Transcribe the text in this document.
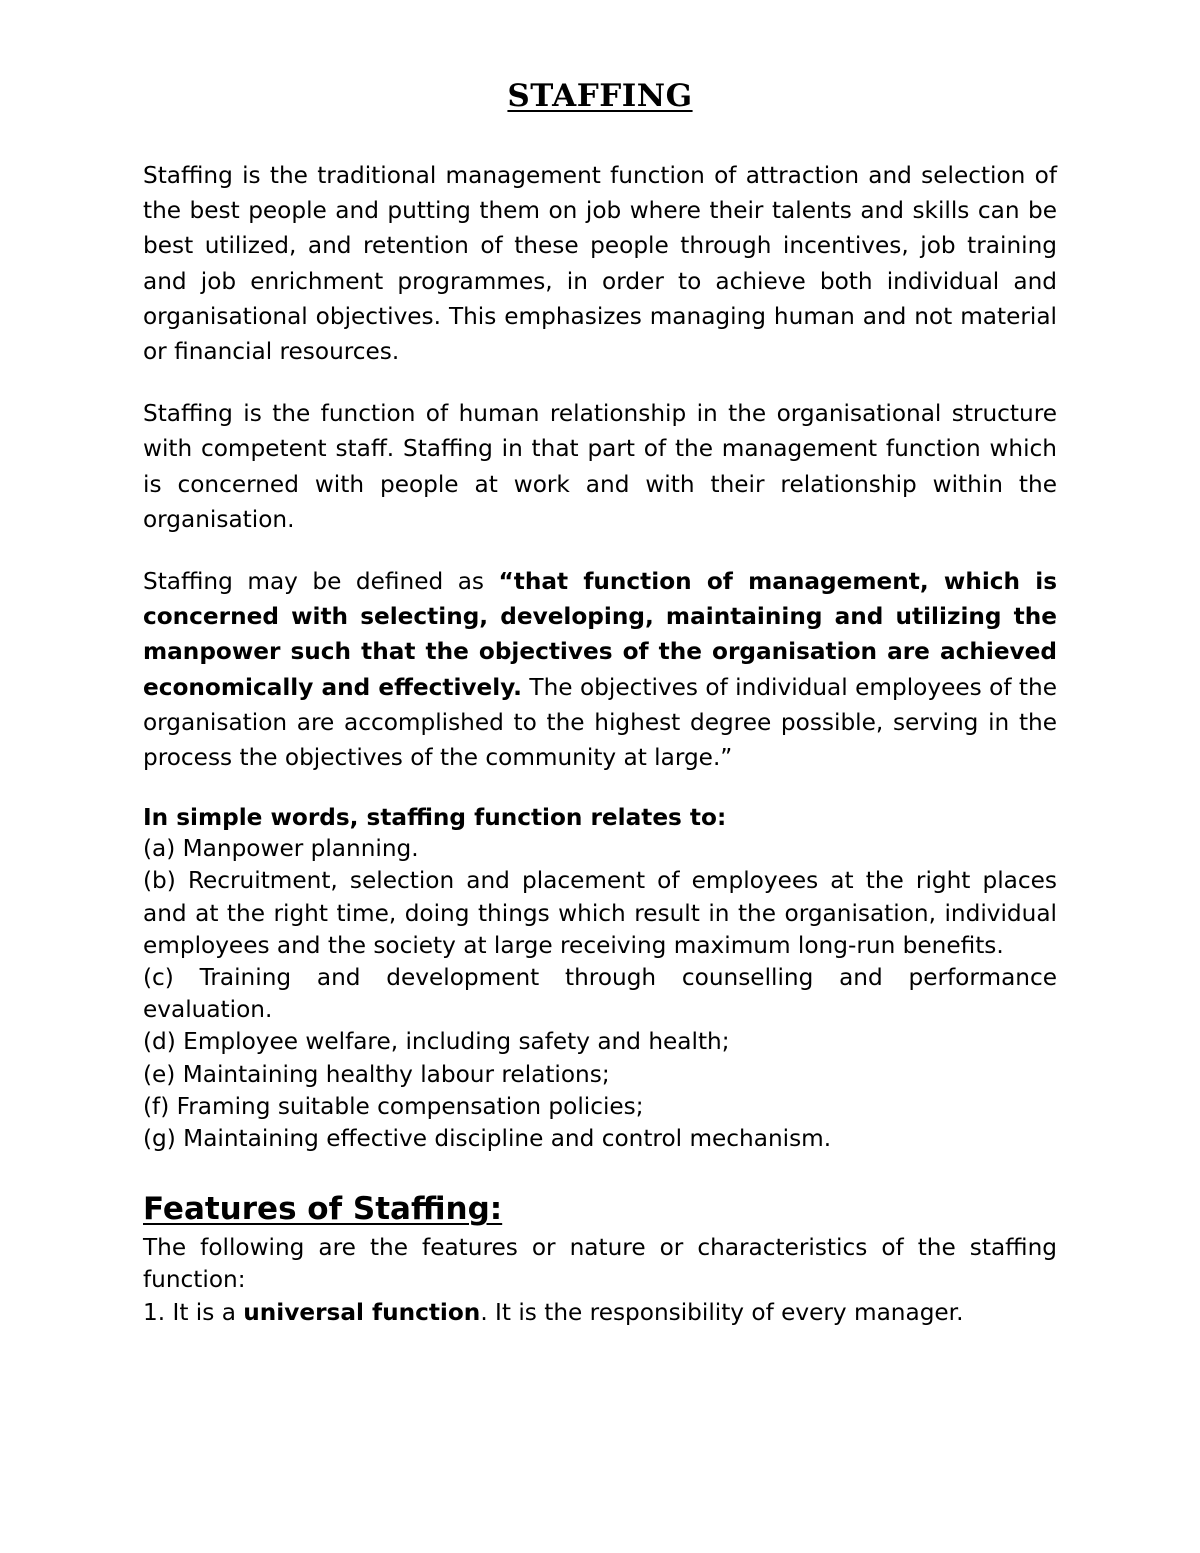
STAFFING

Staffing is the traditional management function of attraction and selection of the best people and putting them on job where their talents and skills can be best utilized, and retention of these people through incentives, job training and job enrichment programmes, in order to achieve both individual and organisational objectives. This emphasizes managing human and not material or financial resources.

Staffing is the function of human relationship in the organisational structure with competent staff. Staffing in that part of the management function which is concerned with people at work and with their relationship within the organisation.

Staffing may be defined as “that function of management, which is concerned with selecting, developing, maintaining and utilizing the manpower such that the objectives of the organisation are achieved economically and effectively. The objectives of individual employees of the organisation are accomplished to the highest degree possible, serving in the process the objectives of the community at large.”

In simple words, staffing function relates to:

(a) Manpower planning.

(b) Recruitment, selection and placement of employees at the right places and at the right time, doing things which result in the organisation, individual employees and the society at large receiving maximum long-run benefits.

(c) Training and development through counselling and performance evaluation.

(d) Employee welfare, including safety and health;

(e) Maintaining healthy labour relations;

(f) Framing suitable compensation policies;

(g) Maintaining effective discipline and control mechanism.

Features of Staffing:

The following are the features or nature or characteristics of the staffing function:

1. It is a universal function. It is the responsibility of every manager.
